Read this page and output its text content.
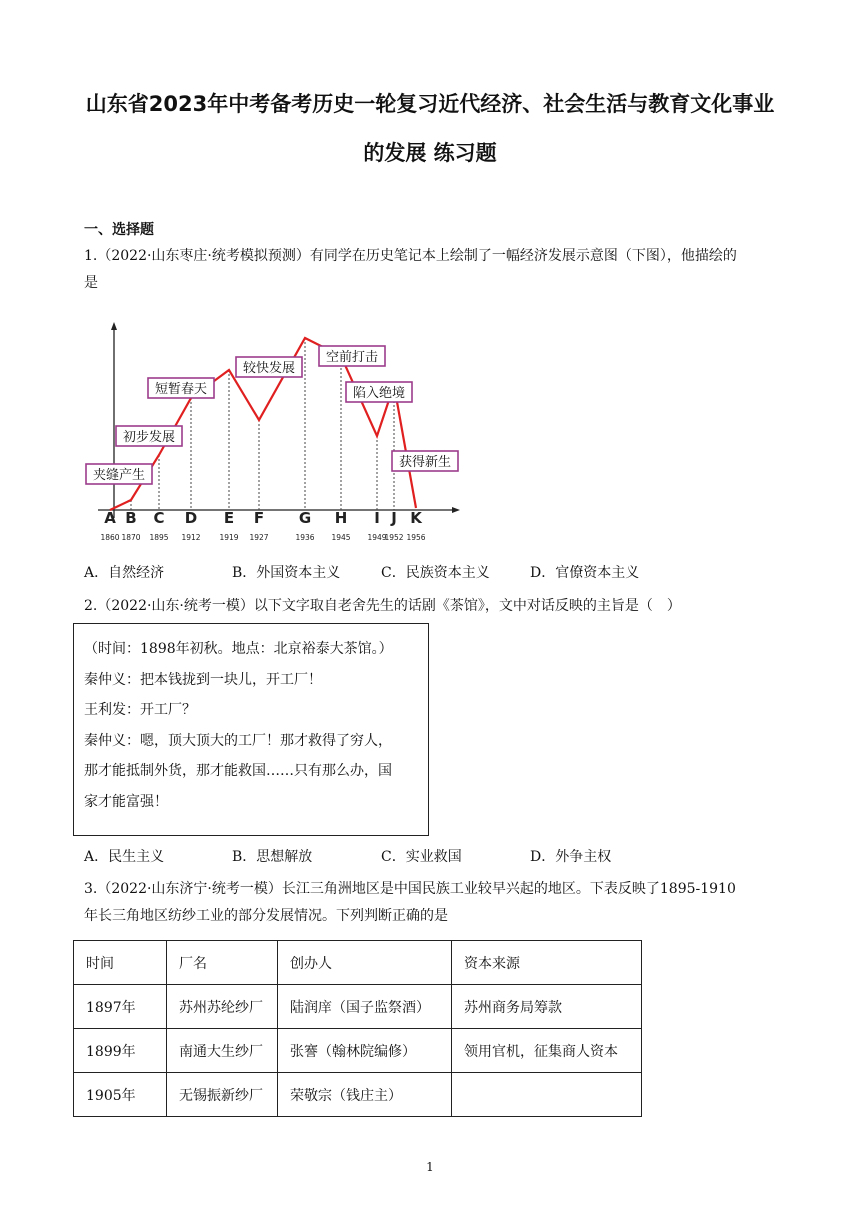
山东省2023年中考备考历史一轮复习近代经济、社会生活与教育文化事业
的发展 练习题
一、选择题
1.（2022·山东枣庄·统考模拟预测）有同学在历史笔记本上绘制了一幅经济发展示意图（下图），他描绘的
是
夹缝产生
初步发展
短暂春天
较快发展
空前打击
陷入绝境
获得新生
A B C D E F G H I J K
1860 1870 1895 1912	1919 1927	1936 1945 1949
1952 1956
A．自然经济	B．外国资本主义	C．民族资本主义	D．官僚资本主义
2.（2022·山东·统考一模）以下文字取自老舍先生的话剧《茶馆》，文中对话反映的主旨是（　）
（时间：1898年初秋。地点：北京裕泰大茶馆。）
秦仲义：把本钱拢到一块儿，开工厂！
王利发：开工厂？
秦仲义：嗯，顶大顶大的工厂！那才救得了穷人，
那才能抵制外货，那才能救国……只有那么办，国
家才能富强！
A．民生主义	B．思想解放	C．实业救国	D．外争主权
3.（2022·山东济宁·统考一模）长江三角洲地区是中国民族工业较早兴起的地区。下表反映了1895-1910
年长三角地区纺纱工业的部分发展情况。下列判断正确的是
时间	厂名	创办人	资本来源
1897年	苏州苏纶纱厂	陆润庠（国子监祭酒）	苏州商务局筹款
1899年	南通大生纱厂	张謇（翰林院编修）	领用官机，征集商人资本
1905年	无锡振新纱厂	荣敬宗（钱庄主）	
1
